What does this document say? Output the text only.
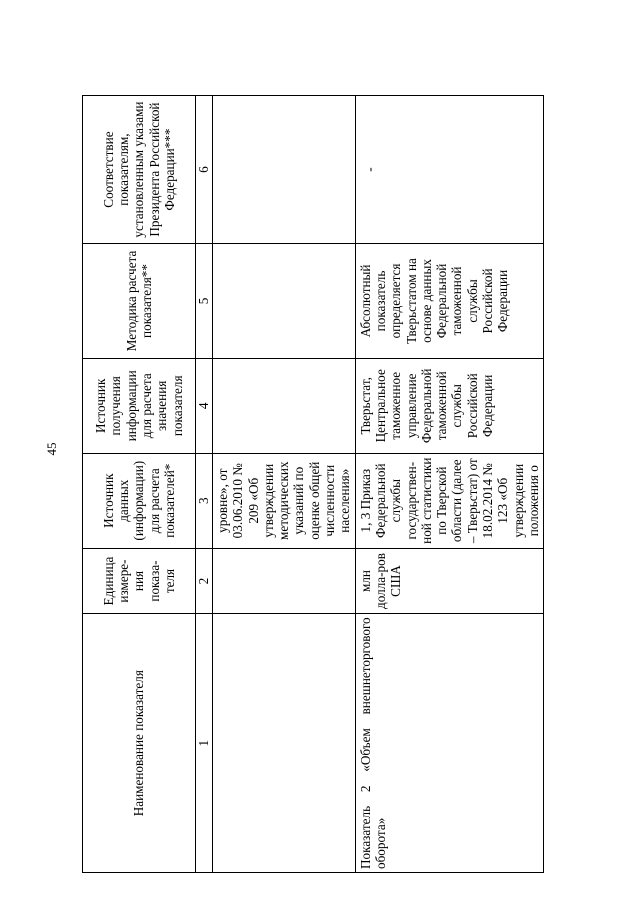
45
Наименование показателя	Единица измере-ния показа-теля	Источник данных (информации) для расчета показателей*	Источник получения информации для расчета значения показателя	Методика расчета показателя**	Соответствие показателям, установленным указами Президента Российской Федерации***
1	2	3	4	5	6
		уровне», от 03.06.2010 № 209 «Об утверждении методических указаний по оценке общей численности населения»			
Показатель 2 «Объем внешнеторгового оборота»	млн долла-ров США	1, 3 Приказ Федеральной службы государствен-ной статистики по Тверской области (далее – Тверьстат) от 18.02.2014 № 123 «Об утверждении положения о	Тверьстат, Центральное таможенное управление Федеральной таможенной службы Российской Федерации	Абсолютный показатель определяется Тверьстатом на основе данных Федеральной таможенной службы Российской Федерации	-
